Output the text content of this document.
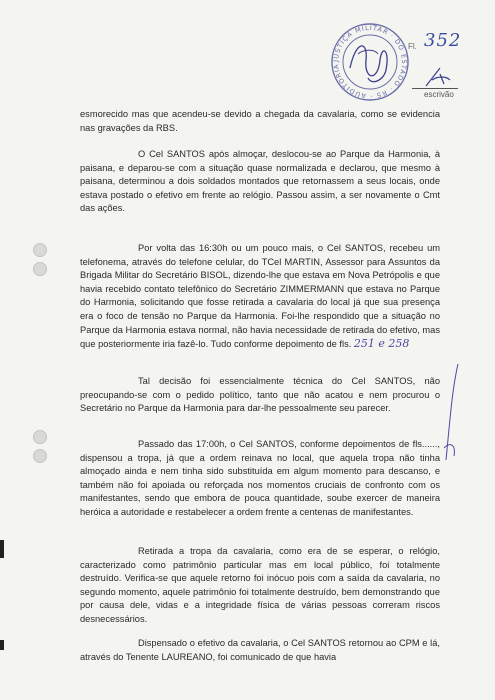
JUSTIÇA MILITAR · DO ESTADO · RS · AUDITORIA
Fl. 352
escrivão
esmorecido mas que acendeu-se devido a chegada da cavalaria, como se evidencia nas gravações da RBS.
O Cel SANTOS após almoçar, deslocou-se ao Parque da Harmonia, à paisana, e deparou-se com a situação quase normalizada e declarou, que mesmo à paisana, determinou a dois soldados montados que retornassem a seus locais, onde estava postado o efetivo em frente ao relógio. Passou assim, a ser novamente o Cmt das ações.
Por volta das 16:30h ou um pouco mais, o Cel SANTOS, recebeu um telefonema, através do telefone celular, do TCel MARTIN, Assessor para Assuntos da Brigada Militar do Secretário BISOL, dizendo-lhe que estava em Nova Petrópolis e que havia recebido contato telefônico do Secretário ZIMMERMANN que estava no Parque do Harmonia, solicitando que fosse retirada a cavalaria do local já que sua presença era o foco de tensão no Parque da Harmonia. Foi-lhe respondido que a situação no Parque da Harmonia estava normal, não havia necessidade de retirada do efetivo, mas que posteriormente iria fazê-lo. Tudo conforme depoimento de fls. 251 e 258
Tal decisão foi essencialmente técnica do Cel SANTOS, não preocupando-se com o pedido político, tanto que não acatou e nem procurou o Secretário no Parque da Harmonia para dar-lhe pessoalmente seu parecer.
Passado das 17:00h, o Cel SANTOS, conforme depoimentos de fls......, dispensou a tropa, já que a ordem reinava no local, que aquela tropa não tinha almoçado ainda e nem tinha sido substituída em algum momento para descanso, e também não foi apoiada ou reforçada nos momentos cruciais de confronto com os manifestantes, sendo que embora de pouca quantidade, soube exercer de maneira heróica a autoridade e restabelecer a ordem frente a centenas de manifestantes.
Retirada a tropa da cavalaria, como era de se esperar, o relógio, caracterizado como patrimônio particular mas em local público, foi totalmente destruído. Verifica-se que aquele retorno foi inócuo pois com a saída da cavalaria, no segundo momento, aquele patrimônio foi totalmente destruído, bem demonstrando que por causa dele, vidas e a integridade física de várias pessoas correram riscos desnecessários.
Dispensado o efetivo da cavalaria, o Cel SANTOS retornou ao CPM e lá, através do Tenente LAUREANO, foi comunicado de que havia
